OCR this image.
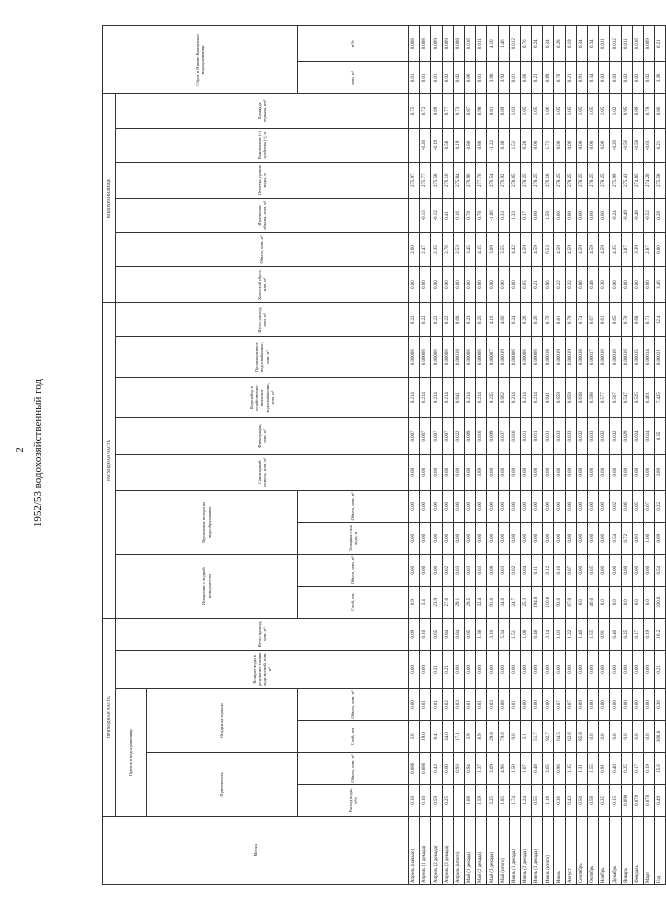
2 1952/53 водохозяйственный год
Месяц	ПРИХОДНАЯ ЧАСТЬ						РАСХОДНАЯ ЧАСТЬ									ВОДОХРАНИЛИЩЕ						Сброс в Нижне-Камчатское водохранилище	
	Приток в водохранилище				Возврат воды в результате таяния льда весной, млн. м³	Итого приход, млн. м³	Испарение с водной поверхности		Временные потери на льдообразование		Санитарный попуск, млн. м³	Фильтрация, млн. м³	Водозабор в хозяйственно-питьевое водоснабжение, млн. м³	Промышленное водоснабжение, млн. м³	Итого расход, млн. м³	Холостой сброс, млн. м³	Объем, млн. м³	Изменение объема, млн. м³	Отметка уровня воды, м	Накопление (+) сработка (-), м	Площадь зеркала, км²		
	Приточность		Осадки на зеркало																				
	Расход воды, м³/с	Объем, млн. м³	Слой, мм	Объем, млн. м³			Слой, мм	Объем, млн. м³	Толщина слоя льда, м	Объем, млн. м³												млн. м³	м³/с
Апрель (начало)	0.10	0.086	3.6	0.00	0.00	0.09	0.9	0.00	0.00	0.00	0.00	0.007	0.214	0.00006	0.22	0.00	2.60		275.97		0.75	0.01	0.008
Апрель (1 декада)	0.10	0.086	19.0	0.01	0.00	0.10	3.4	0.00	0.00	0.00	0.00	0.007	0.214	0.00006	0.22	0.00	2.47	-0.13	275.77	-0.20	0.72	0.01	0.008
Апрель (2 декада)	0.59	0.43	8.4	0.01	0.21	0.65	23.9	0.00	0.00	0.00	0.00	0.007	0.214	0.00006	0.22	0.00	2.35	-0.12	275.58	-0.19	0.69	0.01	0.009
Апрель (3 декада)	0.25	0.60	34.0	0.02	0.21	0.84	27.0	0.02	0.00	0.00	0.00	0.007	0.214	0.00006	0.22	0.00	2.76	0.41	276.16	0.58	0.77	0.02	0.009
Апрель (итого)		0.93	17.1	0.03	0.00	0.84	29.1	0.03	0.00	0.00	0.00	0.022	0.641	0.00018	0.68	0.00	2.53	0.16	275.84	0.19	0.73	0.02	0.008
Май (1 декада)	1.08	0.94	3.9	0.01	0.00	0.95	29.5	0.03	0.00	0.00	0.00	0.009	0.214	0.00006	0.23	0.00	3.45	0.70	276.96	0.80	0.87	0.06	0.016
Май (2 декада)	1.59	1.37	8.9	0.01	0.00	1.38	32.4	0.03	0.00	0.00	3.89	0.010	0.214	0.00006	0.25	0.00	4.15	0.70	277.76	0.80	0.98	0.01	0.011
Май (3 декада)	3.25	3.09	29.8	0.03	0.00	3.10	91.0	0.08	0.00	0.00	0.00	0.009	0.235	0.00007	4.16	0.00	3.09	-1.06	276.54	-1.22	0.81	3.90	4.10
Май (итого)	1.85	4.96	79.6	0.08	0.00	5.34	34.0	0.03	0.00	0.00	0.00	0.037	0.662	0.00019	4.66	0.00	3.55	0.33	276.92	0.38	0.89	3.92	1.46
Июнь (1 декада)	1.74	1.50	9.0	0.01	0.00	1.51	24.7	0.02	0.00	0.00	0.00	0.010	0.214	0.00006	0.24	0.00	4.42	1.33	278.05	1.51	1.03	0.01	0.012
Июнь (2 декада)	1.24	1.07	3.1	0.00	0.00	1.08	25.3	0.04	0.00	0.00	0.00	0.011	0.214	0.00006	0.26	0.65	4.59	0.17	278.25	0.20	1.05	0.66	0.76
Июнь (3 декада)	0.55	0.48	51.7	0.00	0.00	0.48	194.0	0.11	0.00	0.00	0.00	0.011	0.214	0.00006	0.26	0.21	4.59	0.00	278.25	0.00	1.05	0.21	0.24
Июнь (итого)	1.18	3.05	92.7	0.00	0.00	3.14	110.0	0.12	0.00	0.00	0.00	0.031	0.641	0.00018	0.76	0.86	6.53	1.50	276.18	1.71	1.06	0.89	0.34
Июль	0.36	0.96	64.5	0.07	0.00	1.03	93.0	0.10	0.00	0.00	0.00	0.033	0.659	0.00019	0.81	0.22	4.59	0.00	278.25	0.00	1.05	0.76	0.28
Август	0.43	1.15	62.6	0.07	0.00	1.22	67.0	0.07	0.00	0.00	0.00	0.033	0.659	0.00019	0.79	0.32	4.59	0.00	278.25	0.00	1.05	0.21	0.19
Сентябрь	0.50	1.31	85.8	0.09	0.00	1.40	0.0	0.00	0.00	0.00	0.00	0.032	0.638	0.00018	0.74	0.86	4.59	0.00	278.25	0.00	1.05	0.91	0.34
Октябрь	0.58	1.55	0.0	0.00	0.00	1.55	46.0	0.05	0.00	0.00	0.00	0.033	0.598	0.00017	0.67	0.48	4.59	0.00	278.25	0.00	1.05	0.34	0.34
Ноябрь	0.35	0.91	0.0	0.00	0.00	0.91	0.0	0.00	0.00	0.00	0.00	0.032	0.577	0.00016	0.61	0.30	4.59	0.00	278.25	0.00	1.05	0.03	0.011
Декабрь	0.15	0.40	0.0	0.00	0.00	0.40	0.0	0.00	0.54	0.02	0.00	0.032	0.567	0.00016	0.65	0.00	4.35	-0.24	275.99	-0.26	1.02	0.03	0.012
Январь	0.090	0.25	0.0	0.00	0.00	0.25	0.0	0.00	0.72	0.06	0.00	0.029	0.547	0.00016	0.70	0.00	3.87	-0.49	275.43	-0.56	0.95	0.03	0.011
Февраль	0.070	0.17	0.0	0.00	0.00	0.17	0.0	0.00	0.93	0.05	0.00	0.024	0.525	0.00015	0.68	0.00	3.39	-0.48	274.85	-0.58	0.89	0.03	0.016
Март	0.070	0.19	0.0	0.00	0.00	0.19	0.0	0.00	1.00	0.07	0.00	0.024	0.461	0.00014	0.71	0.00	2.87	-0.52	274.20	-0.61	0.78	0.02	0.009
Год	0.49	15.6	360.8	0.36	0.21	16.2	330.0	0.54	0.69	0.22	3.89	0.35	7.425	0.00021	12.4	3.46	0.00	0.26	275.58	0.21	0.86	3.36	0.21
